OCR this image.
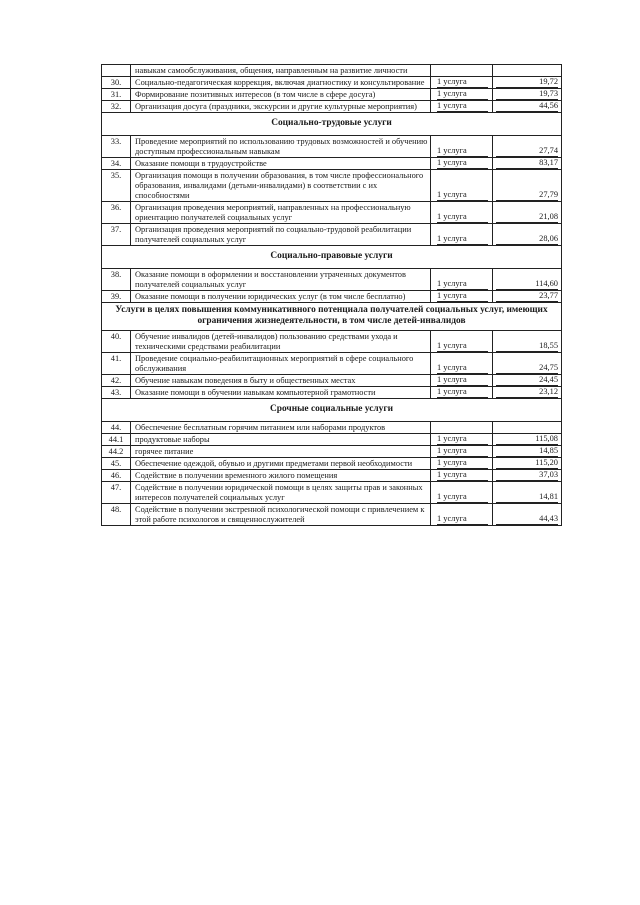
	навыкам самообслуживания, общения, направленным на развитие личности	

30.	Социально-педагогическая коррекция, включая диагностику и консультирование	1 услуга	19,72

31.	Формирование позитивных интересов (в том числе в сфере досуга)	1 услуга	19,73

32.	Организация досуга (праздники, экскурсии и другие культурные мероприятия)	1 услуга	44,56

Социально-трудовые услуги			
33.	Проведение мероприятий по использованию трудовых возможностей и обучению доступным профессиональным навыкам	1 услуга	27,74

34.	Оказание помощи в трудоустройстве	1 услуга	83,17

35.	Организация помощи в получении образования, в том числе профессионального образования, инвалидами (детьми-инвалидами) в соответствии с их способностями	1 услуга	27,79

36.	Организация проведения мероприятий, направленных на профессиональную ориентацию получателей социальных услуг	1 услуга	21,08

37.	Организация проведения мероприятий по социально-трудовой реабилитации получателей социальных услуг	1 услуга	28,06

Социально-правовые услуги			
38.	Оказание помощи в оформлении и восстановлении утраченных документов получателей социальных услуг	1 услуга	114,60

39.	Оказание помощи в получении юридических услуг (в том числе бесплатно)	1 услуга	23,77

Услуги в целях повышения коммуникативного потенциала получателей социальных услуг, имеющих ограничения жизнедеятельности, в том числе детей-инвалидов			
40.	Обучение инвалидов (детей-инвалидов) пользованию средствами ухода и техническими средствами реабилитации	1 услуга	18,55

41.	Проведение социально-реабилитационных мероприятий в сфере социального обслуживания	1 услуга	24,75

42.	Обучение навыкам поведения в быту и общественных местах	1 услуга	24,45

43.	Оказание помощи в обучении навыкам компьютерной грамотности	1 услуга	23,12

Срочные социальные услуги			
44.	Обеспечение бесплатным горячим питанием или наборами продуктов	

44.1	продуктовые наборы	1 услуга	115,08

44.2	горячее питание	1 услуга	14,85

45.	Обеспечение одеждой, обувью и другими предметами первой необходимости	1 услуга	115,20

46.	Содействие в получении временного жилого помещения	1 услуга	37,03

47.	Содействие в получении юридической помощи в целях защиты прав и законных интересов получателей социальных услуг	1 услуга	14,81

48.	Содействие в получении экстренной психологической помощи с привлечением к этой работе психологов и священнослужителей	1 услуга	44,43
